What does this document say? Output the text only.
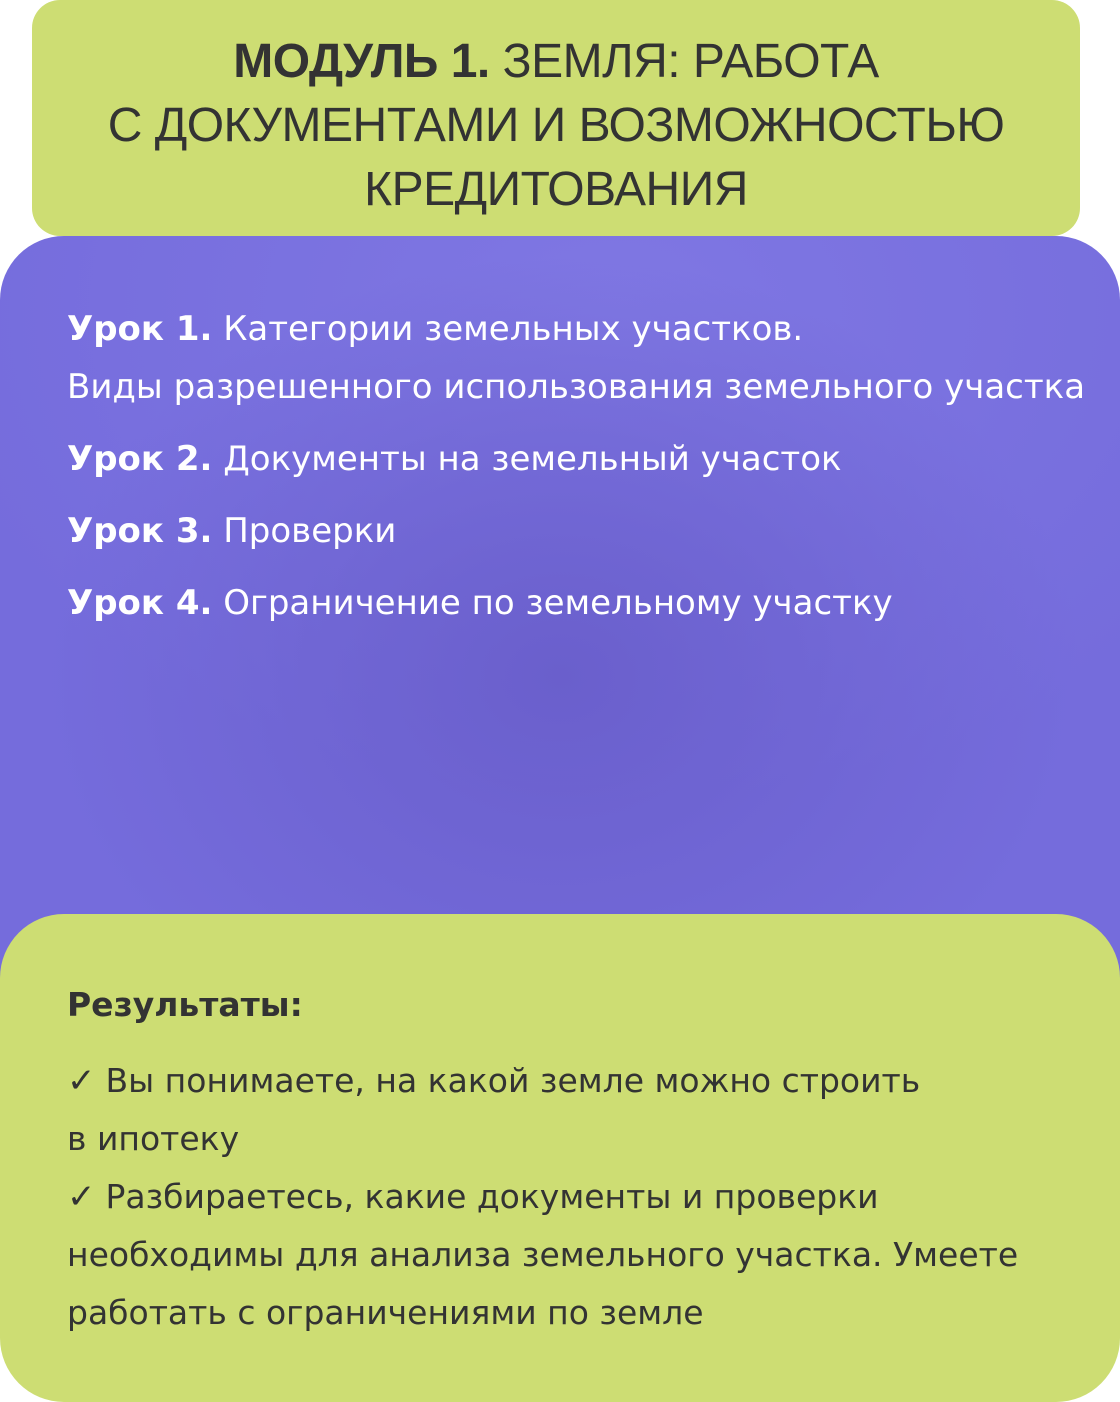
МОДУЛЬ 1. ЗЕМЛЯ: РАБОТА
С ДОКУМЕНТАМИ И ВОЗМОЖНОСТЬЮ
КРЕДИТОВАНИЯ
Урок 1. Категории земельных участков.
Виды разрешенного использования земельного участка
Урок 2. Документы на земельный участок
Урок 3. Проверки
Урок 4. Ограничение по земельному участку
Результаты:
✓ Вы понимаете, на какой земле можно строить
в ипотеку
✓ Разбираетесь, какие документы и проверки
необходимы для анализа земельного участка. Умеете
работать с ограничениями по земле
